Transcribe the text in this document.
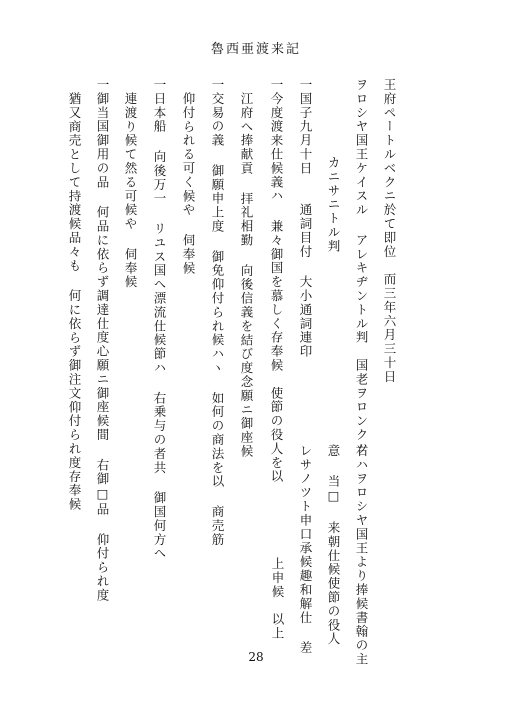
魯西亜渡来記
王府ペートルベクニ於て即位　而三年六月三十日
ヲロシヤ国王ケイスル アレキヂントル判　国老ヲロンクツ
カニサニトル判
一国子九月十日　　通詞目付 大小通詞連印
一今度渡来仕候義ハ 兼々御国を慕しく存奉候　使節の役人を以
江府へ捧献貢 拝礼相勤 向後信義を結び度念願ニ御座候
一交易の義 御願申上度 御免仰付られ候ハヽ 如何の商法を以 商売筋
仰付られる可く候や 伺奉候
一日本船 向後万一 リユス国へ漂流仕候節ハ 右乗与の者共 御国何方へ
連渡り候て然る可候や 伺奉候
一御当国御用の品 何品に依らず調達仕度心願ニ御座候間 右御□品 仰付られ度
猶又商売として持渡候品々も 何に依らず御注文仰付られ度存奉候
右ハヲロシヤ国王より捧候書翰の主
意 当□ 来朝仕候使節の役人
レサノツト申口承候趣和解仕 差
上申候　以上
28
